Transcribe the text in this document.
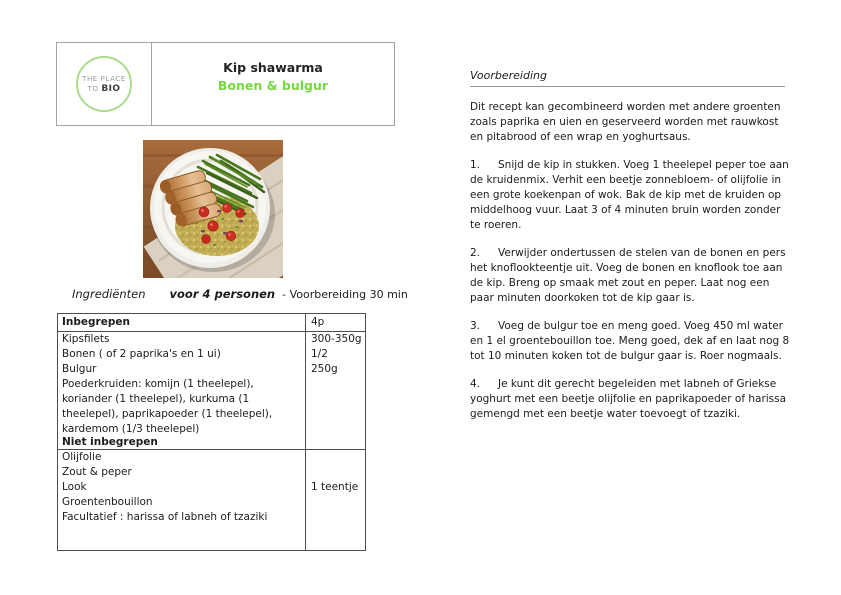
THE PLACE
TO BIO
Kip shawarma
Bonen & bulgur
Ingrediënten voor 4 personen - Voorbereiding 30 min
Inbegrepen	4p
Kipsfilets
Bonen ( of 2 paprika's en 1 ui)
Bulgur
Poederkruiden: komijn (1 theelepel), koriander (1 theelepel), kurkuma (1 theelepel), paprikapoeder (1 theelepel), kardemom (1/3 theelepel)
300-350g
1/2
250g
Niet inbegrepen
Olijfolie
Zout & peper
Look
Groentenbouillon
Facultatief : harissa of labneh of tzaziki
1 teentje
Voorbereiding

Dit recept kan gecombineerd worden met andere groenten zoals paprika en uien en geserveerd worden met rauwkost en pitabrood of een wrap en yoghurtsaus.

1. Snijd de kip in stukken. Voeg 1 theelepel peper toe aan de kruidenmix. Verhit een beetje zonnebloem- of olijfolie in een grote koekenpan of wok. Bak de kip met de kruiden op middelhoog vuur. Laat 3 of 4 minuten bruin worden zonder te roeren.

2. Verwijder ondertussen de stelen van de bonen en pers het knoflookteentje uit. Voeg de bonen en knoflook toe aan de kip. Breng op smaak met zout en peper. Laat nog een paar minuten doorkoken tot de kip gaar is.

3. Voeg de bulgur toe en meng goed. Voeg 450 ml water en 1 el groentebouillon toe. Meng goed, dek af en laat nog 8 tot 10 minuten koken tot de bulgur gaar is. Roer nogmaals.

4. Je kunt dit gerecht begeleiden met labneh of Griekse yoghurt met een beetje olijfolie en paprikapoeder of harissa gemengd met een beetje water toevoegt of tzaziki.
